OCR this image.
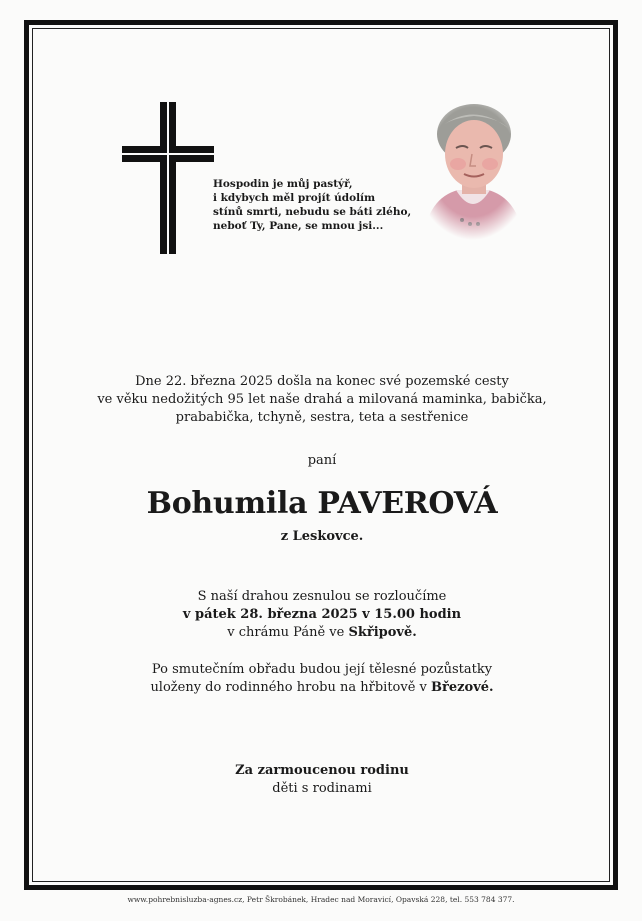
Hospodin je můj pastýř,
i kdybych měl projít údolím
stínů smrti, nebudu se báti zlého,
neboť Ty, Pane, se mnou jsi...
Dne 22. března 2025 došla na konec své pozemské cesty
ve věku nedožitých 95 let naše drahá a milovaná maminka, babička,
prababička, tchyně, sestra, teta a sestřenice
paní
Bohumila PAVEROVÁ
z Leskovce.
S naší drahou zesnulou se rozloučíme
v pátek 28. března 2025 v 15.00 hodin
v chrámu Páně ve Skřipově.
Po smutečním obřadu budou její tělesné pozůstatky
uloženy do rodinného hrobu na hřbitově v Březové.
Za zarmoucenou rodinu
děti s rodinami
www.pohrebnisluzba-agnes.cz, Petr Škrobánek, Hradec nad Moravicí, Opavská 228, tel. 553 784 377.
